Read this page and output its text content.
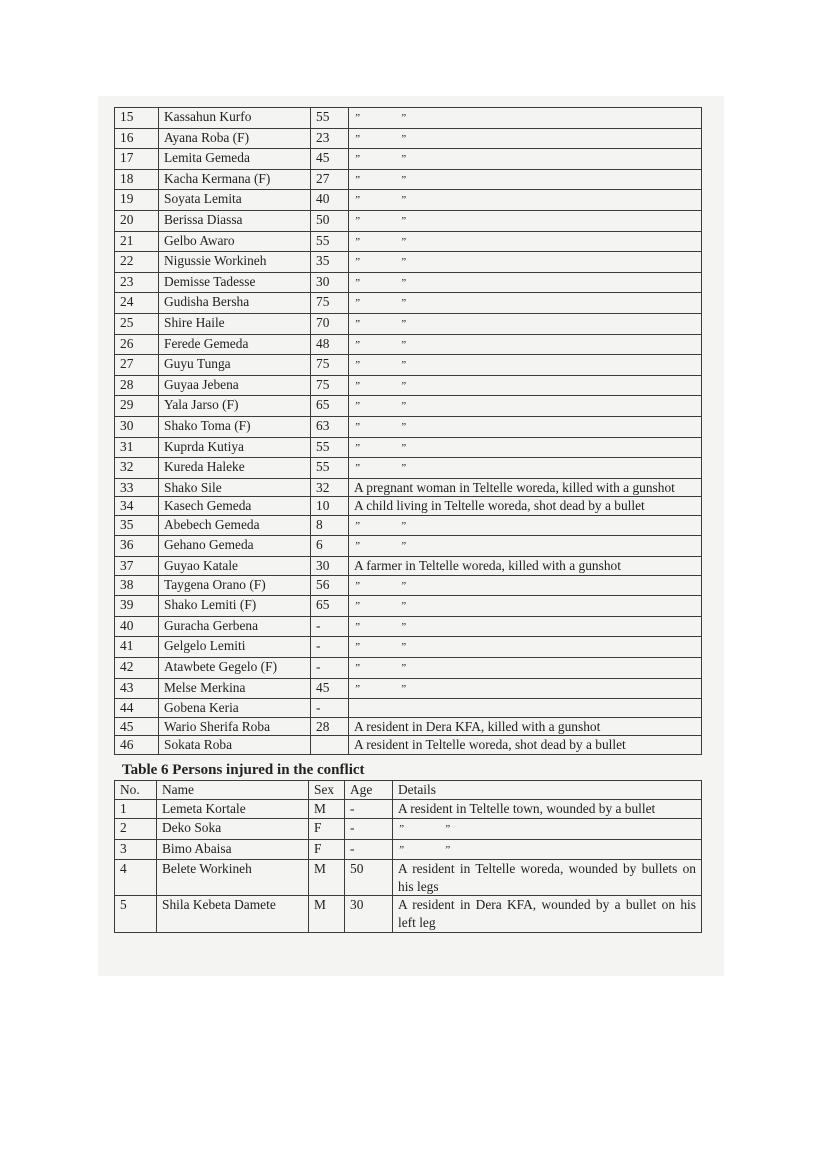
15	Kassahun Kurfo	55	” ”
16	Ayana Roba (F)	23	” ”
17	Lemita Gemeda	45	” ”
18	Kacha Kermana (F)	27	” ”
19	Soyata Lemita	40	” ”
20	Berissa Diassa	50	” ”
21	Gelbo Awaro	55	” ”
22	Nigussie Workineh	35	” ”
23	Demisse Tadesse	30	” ”
24	Gudisha Bersha	75	” ”
25	Shire Haile	70	” ”
26	Ferede Gemeda	48	” ”
27	Guyu Tunga	75	” ”
28	Guyaa Jebena	75	” ”
29	Yala Jarso (F)	65	” ”
30	Shako Toma (F)	63	” ”
31	Kuprda Kutiya	55	” ”
32	Kureda Haleke	55	” ”
33	Shako Sile	32	A pregnant woman in Teltelle woreda, killed with a gunshot
34	Kasech Gemeda	10	A child living in Teltelle woreda, shot dead by a bullet
35	Abebech Gemeda	8	” ”
36	Gehano Gemeda	6	” ”
37	Guyao Katale	30	A farmer in Teltelle woreda, killed with a gunshot
38	Taygena Orano (F)	56	” ”
39	Shako Lemiti (F)	65	” ”
40	Guracha Gerbena	-	” ”
41	Gelgelo Lemiti	-	” ”
42	Atawbete Gegelo (F)	-	” ”
43	Melse Merkina	45	” ”
44	Gobena Keria	-	
45	Wario Sherifa Roba	28	A resident in Dera KFA, killed with a gunshot
46	Sokata Roba		A resident in Teltelle woreda, shot dead by a bullet
Table 6 Persons injured in the conflict
No.	Name	Sex	Age	Details
1	Lemeta Kortale	M	-	A resident in Teltelle town, wounded by a bullet
2	Deko Soka	F	-	” ”
3	Bimo Abaisa	F	-	” ”
4	Belete Workineh	M	50	A resident in Teltelle woreda, wounded by bullets on his legs
5	Shila Kebeta Damete	M	30	A resident in Dera KFA, wounded by a bullet on his left leg
